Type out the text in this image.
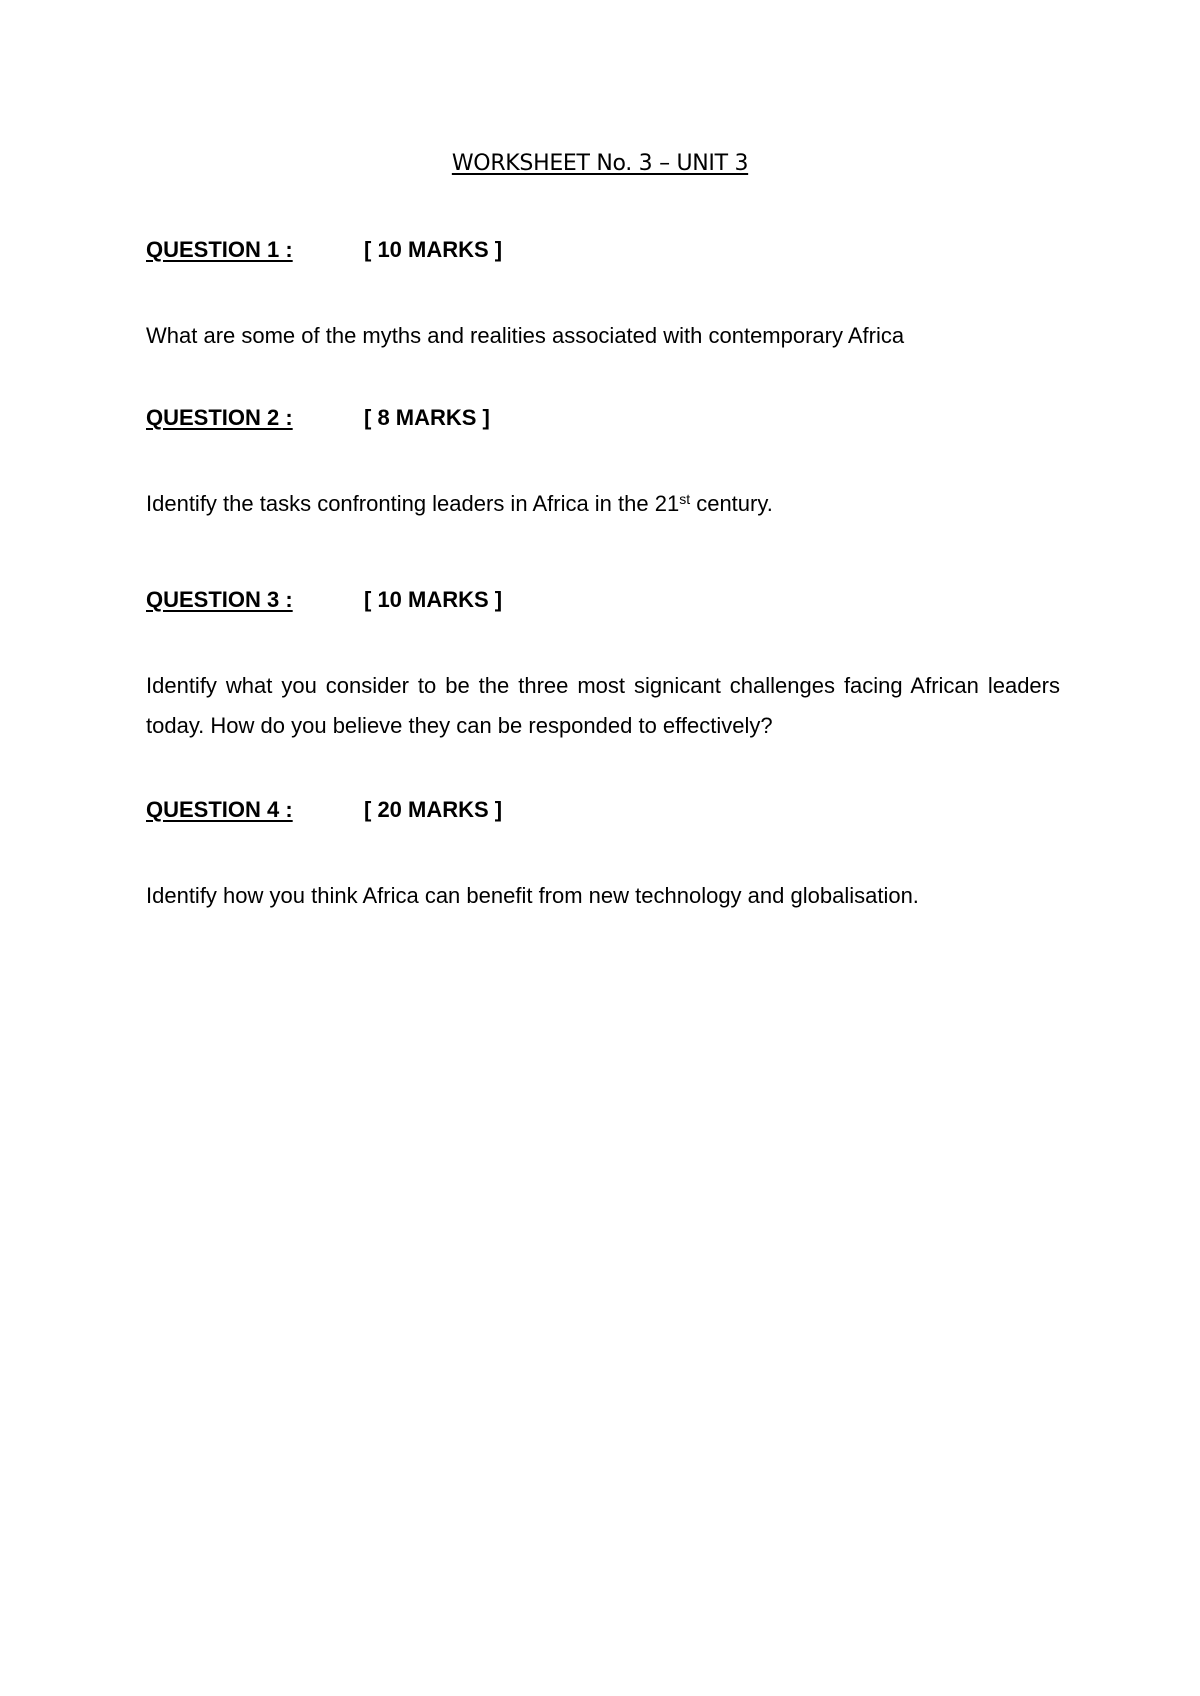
WORKSHEET No. 3 – UNIT 3
QUESTION 1 :	[ 10 MARKS ]
What are some of the myths and realities associated with contemporary Africa
QUESTION 2 :	[ 8 MARKS ]
Identify the tasks confronting leaders in Africa in the 21st century.
QUESTION 3 :	[ 10 MARKS ]
Identify what you consider to be the three most signicant challenges facing African leaders today. How do you believe they can be responded to effectively?
QUESTION 4 :	[ 20 MARKS ]
Identify how you think Africa can benefit from new technology and globalisation.
